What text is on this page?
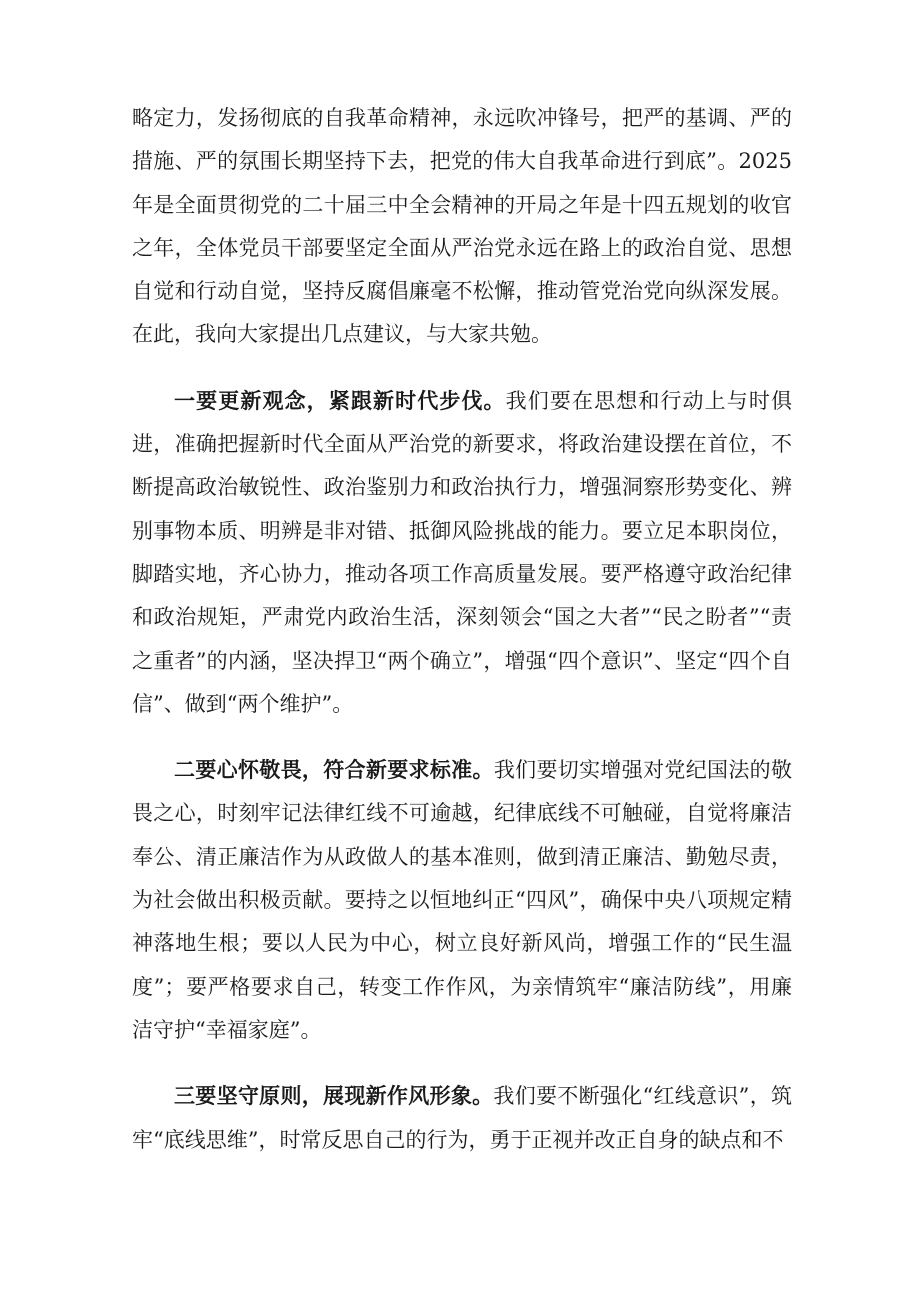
略定力，发扬彻底的自我革命精神，永远吹冲锋号，把严的基调、严的措施、严的氛围长期坚持下去，把党的伟大自我革命进行到底”。2025年是全面贯彻党的二十届三中全会精神的开局之年是十四五规划的收官之年，全体党员干部要坚定全面从严治党永远在路上的政治自觉、思想自觉和行动自觉，坚持反腐倡廉毫不松懈，推动管党治党向纵深发展。在此，我向大家提出几点建议，与大家共勉。

一要更新观念，紧跟新时代步伐。我们要在思想和行动上与时俱进，准确把握新时代全面从严治党的新要求，将政治建设摆在首位，不断提高政治敏锐性、政治鉴别力和政治执行力，增强洞察形势变化、辨别事物本质、明辨是非对错、抵御风险挑战的能力。要立足本职岗位，脚踏实地，齐心协力，推动各项工作高质量发展。要严格遵守政治纪律和政治规矩，严肃党内政治生活，深刻领会“国之大者”“民之盼者”“责之重者”的内涵，坚决捍卫“两个确立”，增强“四个意识”、坚定“四个自信”、做到“两个维护”。

二要心怀敬畏，符合新要求标准。我们要切实增强对党纪国法的敬畏之心，时刻牢记法律红线不可逾越，纪律底线不可触碰，自觉将廉洁奉公、清正廉洁作为从政做人的基本准则，做到清正廉洁、勤勉尽责，为社会做出积极贡献。要持之以恒地纠正“四风”，确保中央八项规定精神落地生根；要以人民为中心，树立良好新风尚，增强工作的“民生温度”；要严格要求自己，转变工作作风，为亲情筑牢“廉洁防线”，用廉洁守护“幸福家庭”。

三要坚守原则，展现新作风形象。我们要不断强化“红线意识”，筑牢“底线思维”，时常反思自己的行为，勇于正视并改正自身的缺点和不
